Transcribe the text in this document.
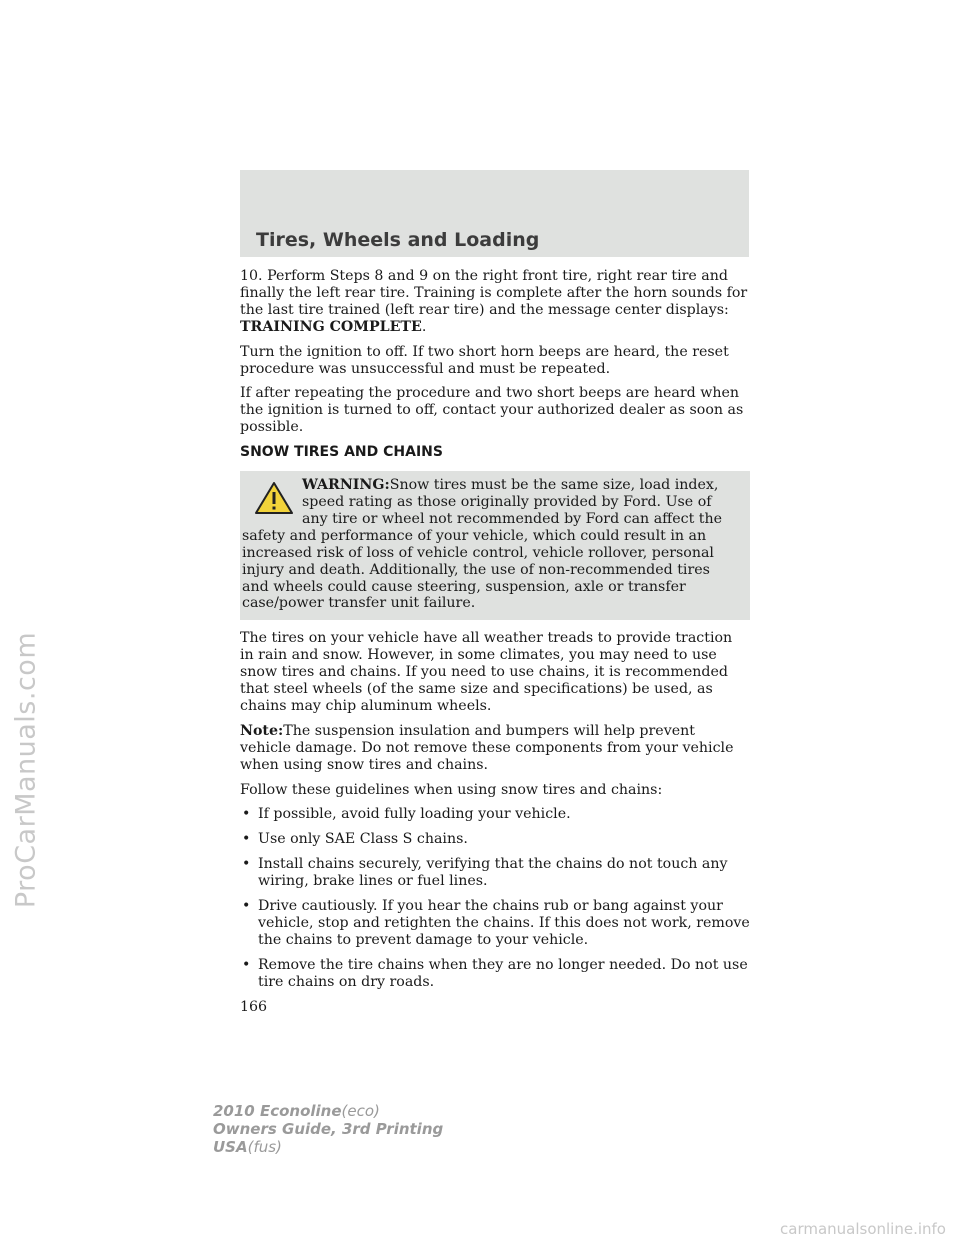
ProCarManuals.com
Tires, Wheels and Loading

10. Perform Steps 8 and 9 on the right front tire, right rear tire and finally the left rear tire. Training is complete after the horn sounds for the last tire trained (left rear tire) and the message center displays: TRAINING COMPLETE.

Turn the ignition to off. If two short horn beeps are heard, the reset procedure was unsuccessful and must be repeated.

If after repeating the procedure and two short beeps are heard when the ignition is turned to off, contact your authorized dealer as soon as possible.

SNOW TIRES AND CHAINS
WARNING:Snow tires must be the same size, load index, speed rating as those originally provided by Ford. Use of any tire or wheel not recommended by Ford can affect the safety and performance of your vehicle, which could result in an increased risk of loss of vehicle control, vehicle rollover, personal injury and death. Additionally, the use of non-recommended tires and wheels could cause steering, suspension, axle or transfer case/power transfer unit failure.

The tires on your vehicle have all weather treads to provide traction in rain and snow. However, in some climates, you may need to use snow tires and chains. If you need to use chains, it is recommended that steel wheels (of the same size and specifications) be used, as chains may chip aluminum wheels.

Note:The suspension insulation and bumpers will help prevent vehicle damage. Do not remove these components from your vehicle when using snow tires and chains.

Follow these guidelines when using snow tires and chains:

• If possible, avoid fully loading your vehicle.
• Use only SAE Class S chains.
• Install chains securely, verifying that the chains do not touch any wiring, brake lines or fuel lines.
• Drive cautiously. If you hear the chains rub or bang against your vehicle, stop and retighten the chains. If this does not work, remove the chains to prevent damage to your vehicle.
• Remove the tire chains when they are no longer needed. Do not use tire chains on dry roads.
166
2010 Econoline(eco)
Owners Guide, 3rd Printing
USA(fus)
carmanualsonline.info
